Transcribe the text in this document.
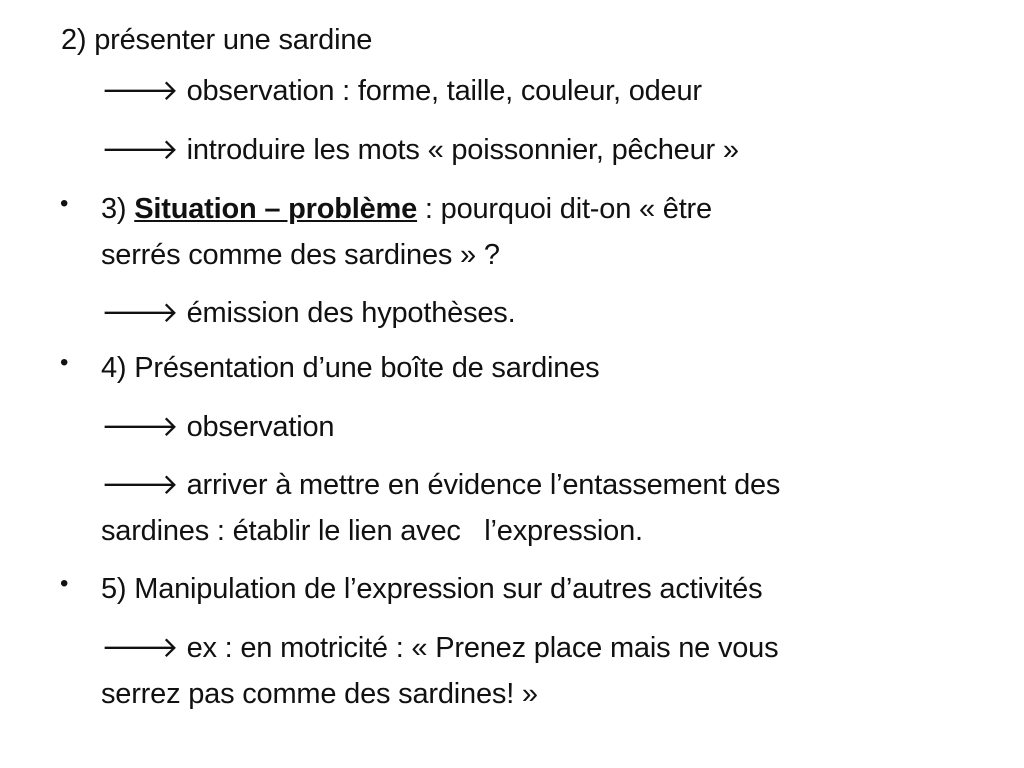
2) présenter une sardine
🡒 observation : forme, taille, couleur, odeur
🡒 introduire les mots « poissonnier, pêcheur »
• 3) Situation – problème : pourquoi dit-on « être
serrés comme des sardines » ?
🡒 émission des hypothèses.
• 4) Présentation d’une boîte de sardines
🡒 observation
🡒 arriver à mettre en évidence l’entassement des
sardines : établir le lien avec   l’expression.
• 5) Manipulation de l’expression sur d’autres activités
🡒 ex : en motricité : « Prenez place mais ne vous
serrez pas comme des sardines! »
